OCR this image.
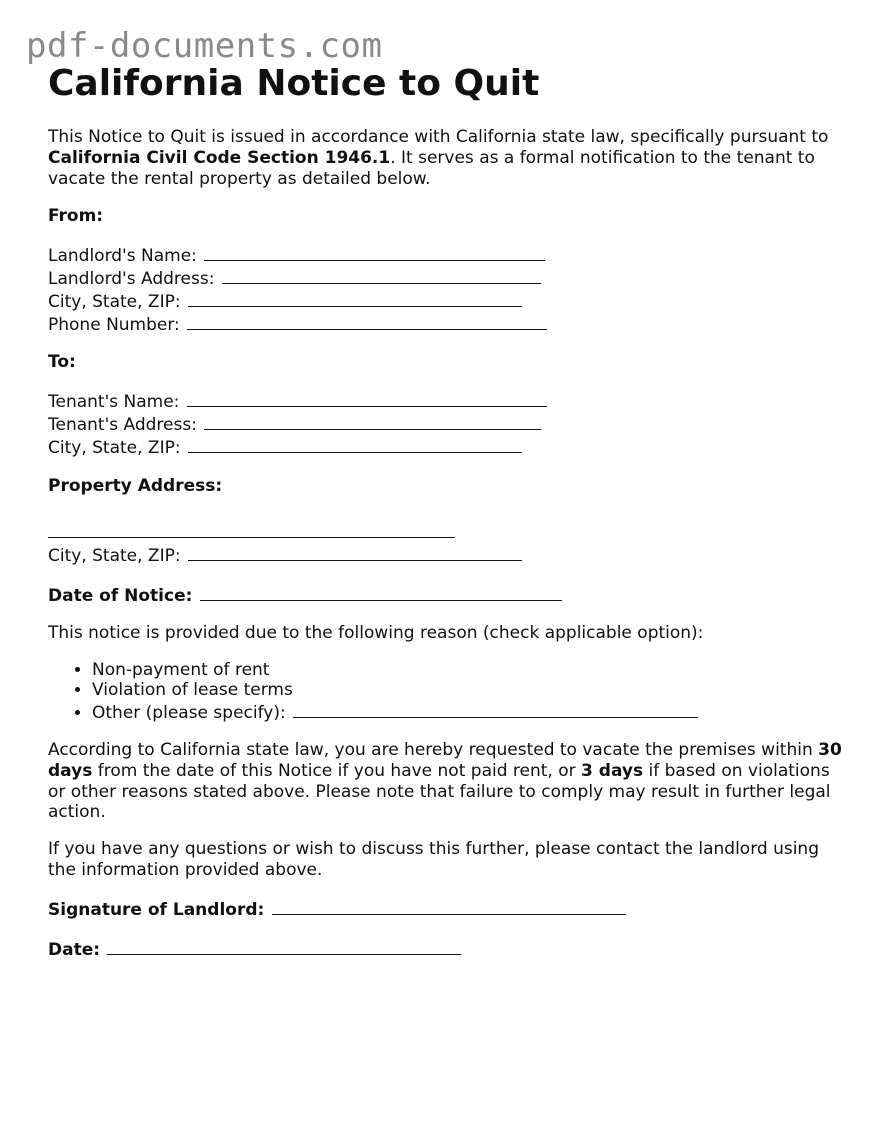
pdf-documents.com
California Notice to Quit

This Notice to Quit is issued in accordance with California state law, specifically pursuant to California Civil Code Section 1946.1. It serves as a formal notification to the tenant to vacate the rental property as detailed below.

From:

Landlord's Name:
Landlord's Address:
City, State, ZIP:
Phone Number:

To:

Tenant's Name:
Tenant's Address:
City, State, ZIP:

Property Address:

City, State, ZIP:

Date of Notice:

This notice is provided due to the following reason (check applicable option):

• Non-payment of rent
• Violation of lease terms
• Other (please specify):

According to California state law, you are hereby requested to vacate the premises within 30 days from the date of this Notice if you have not paid rent, or 3 days if based on violations or other reasons stated above. Please note that failure to comply may result in further legal action.

If you have any questions or wish to discuss this further, please contact the landlord using the information provided above.

Signature of Landlord:

Date:
